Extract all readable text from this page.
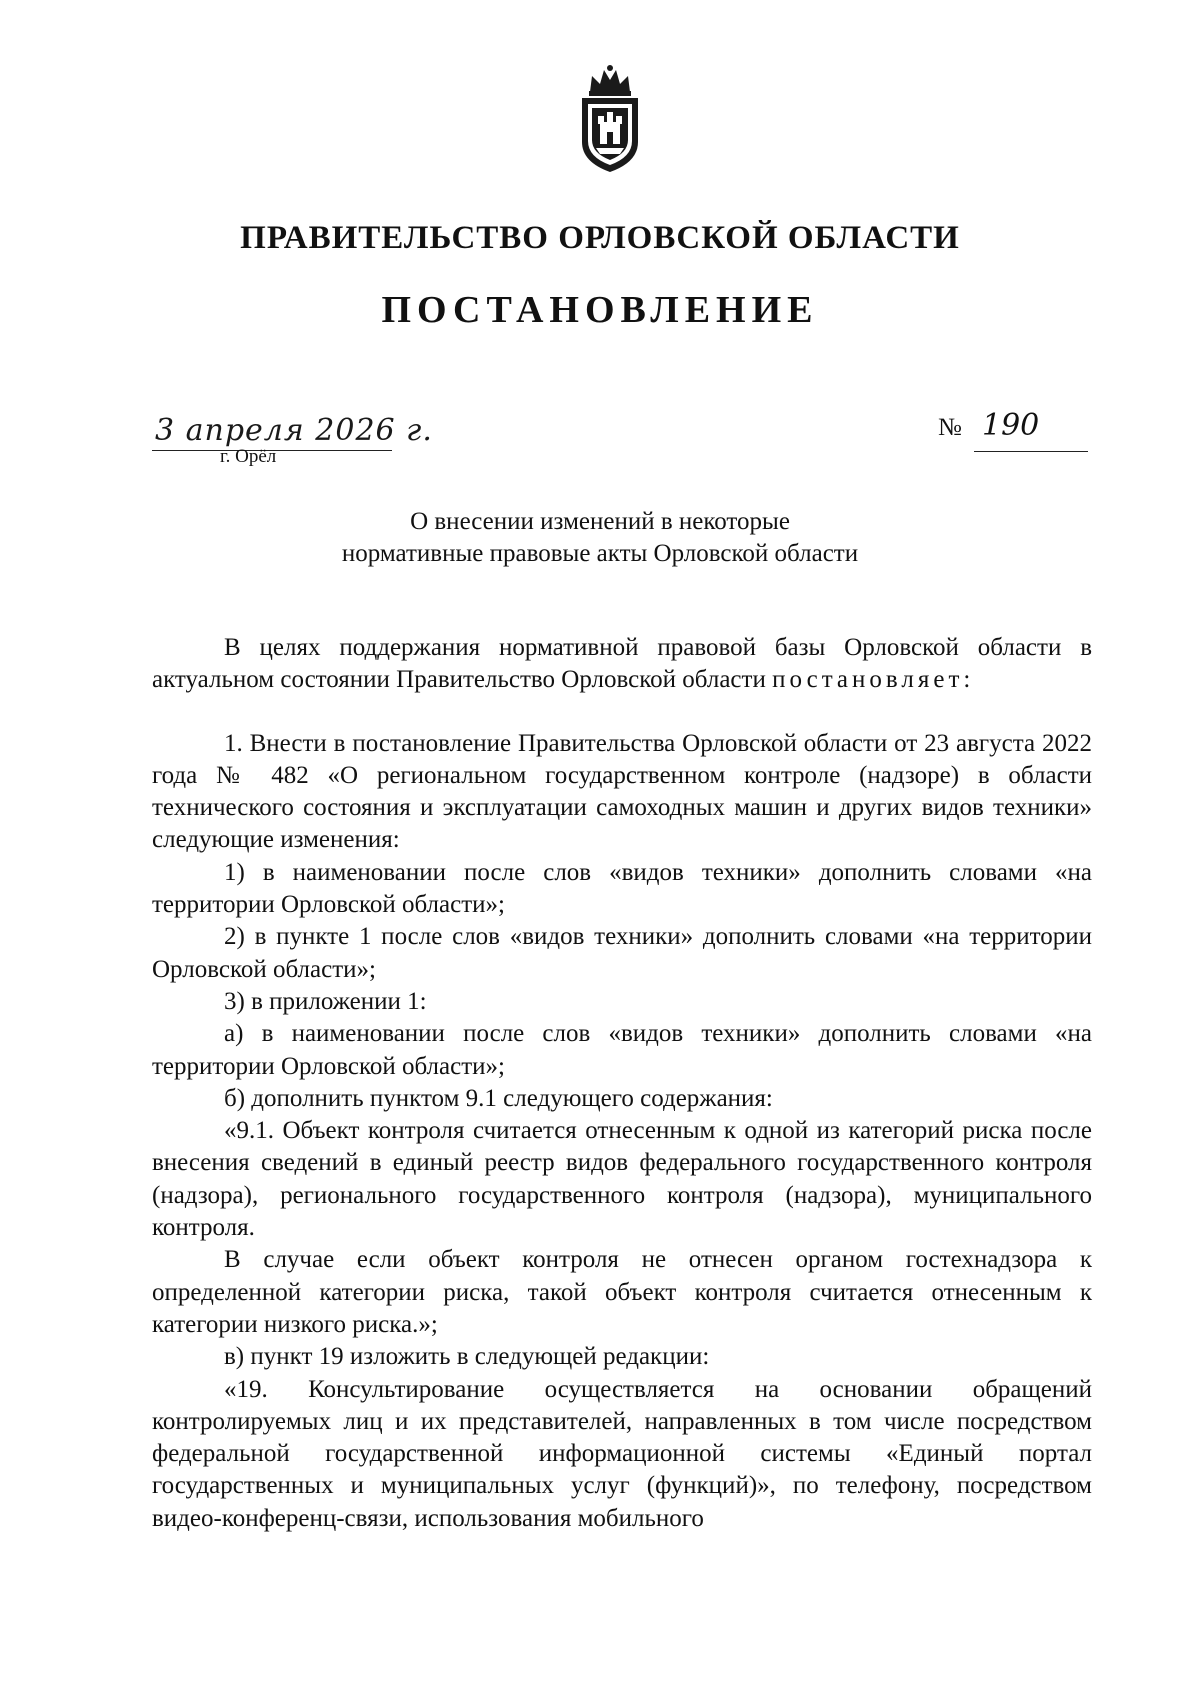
ПРАВИТЕЛЬСТВО ОРЛОВСКОЙ ОБЛАСТИ
ПОСТАНОВЛЕНИЕ
3 апреля 2026 г.
г. Орёл
№ 190
О внесении изменений в некоторые
нормативные правовые акты Орловской области

В целях поддержания нормативной правовой базы Орловской области в актуальном состоянии Правительство Орловской области постановляет:

1. Внести в постановление Правительства Орловской области от 23 августа 2022 года № 482 «О региональном государственном контроле (надзоре) в области технического состояния и эксплуатации самоходных машин и других видов техники» следующие изменения:

1) в наименовании после слов «видов техники» дополнить словами «на территории Орловской области»;

2) в пункте 1 после слов «видов техники» дополнить словами «на территории Орловской области»;

3) в приложении 1:

а) в наименовании после слов «видов техники» дополнить словами «на территории Орловской области»;

б) дополнить пунктом 9.1 следующего содержания:

«9.1. Объект контроля считается отнесенным к одной из категорий риска после внесения сведений в единый реестр видов федерального государственного контроля (надзора), регионального государственного контроля (надзора), муниципального контроля.

В случае если объект контроля не отнесен органом гостехнадзора к определенной категории риска, такой объект контроля считается отнесенным к категории низкого риска.»;

в) пункт 19 изложить в следующей редакции:

«19. Консультирование осуществляется на основании обращений контролируемых лиц и их представителей, направленных в том числе посредством федеральной государственной информационной системы «Единый портал государственных и муниципальных услуг (функций)», по телефону, посредством видео-конференц-связи, использования мобильного
